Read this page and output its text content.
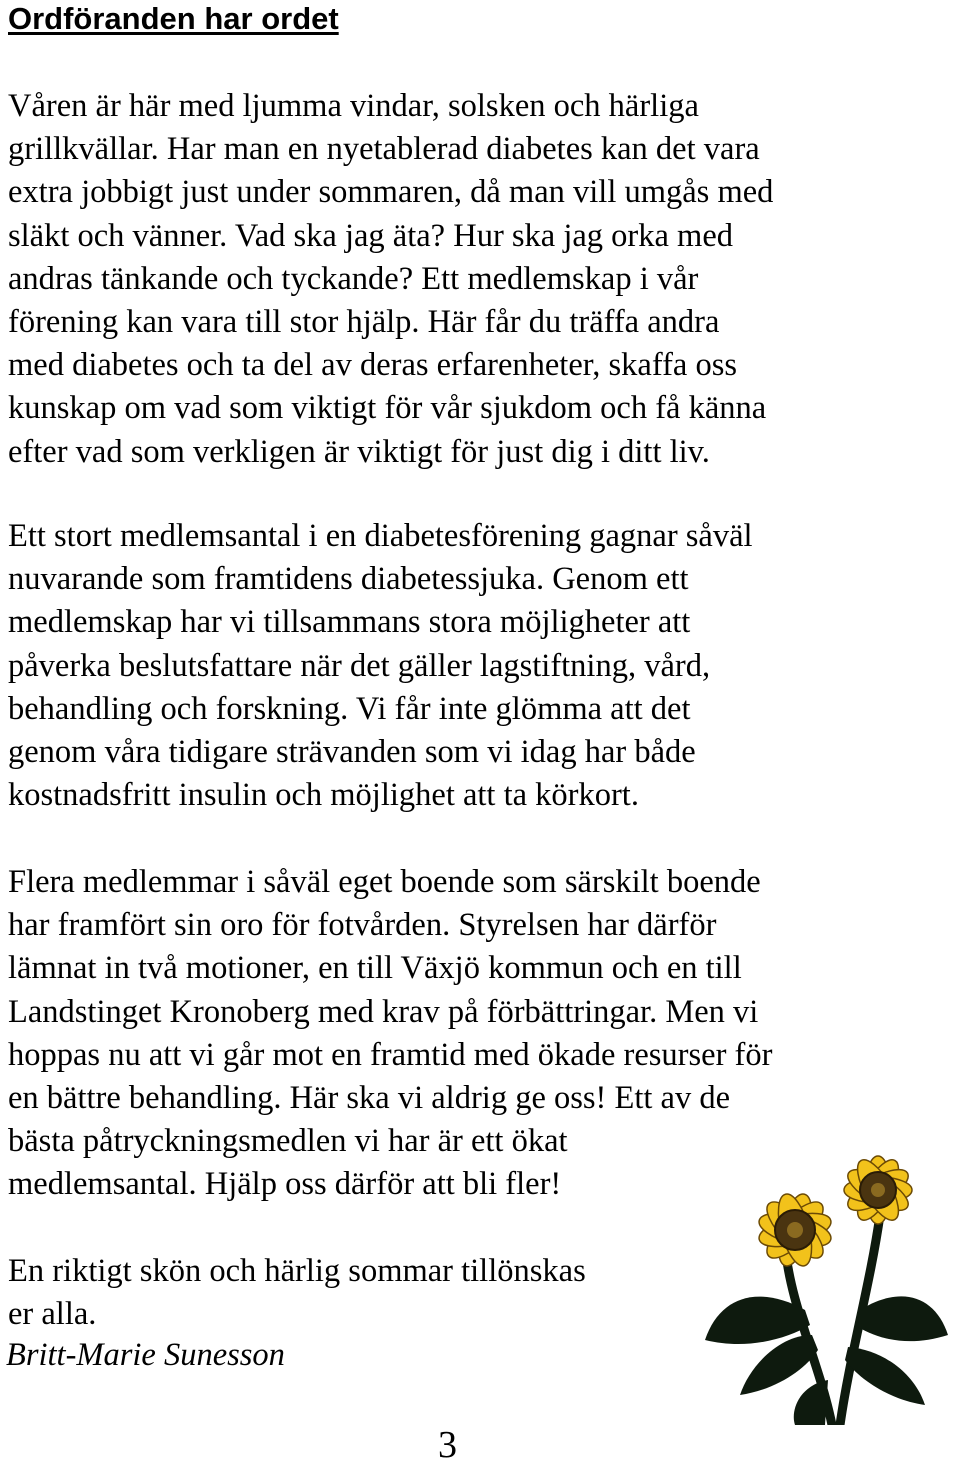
Ordföranden har ordet

Våren är här med ljumma vindar, solsken och härliga
grillkvällar. Har man en nyetablerad diabetes kan det vara
extra jobbigt just under sommaren, då man vill umgås med
släkt och vänner. Vad ska jag äta? Hur ska jag orka med
andras tänkande och tyckande? Ett medlemskap i vår
förening kan vara till stor hjälp. Här får du träffa andra
med diabetes och ta del av deras erfarenheter, skaffa oss
kunskap om vad som viktigt för vår sjukdom och få känna
efter vad som verkligen är viktigt för just dig i ditt liv.

Ett stort medlemsantal i en diabetesförening gagnar såväl
nuvarande som framtidens diabetessjuka. Genom ett
medlemskap har vi tillsammans stora möjligheter att
påverka beslutsfattare när det gäller lagstiftning, vård,
behandling och forskning. Vi får inte glömma att det
genom våra tidigare strävanden som vi idag har både
kostnadsfritt insulin och möjlighet att ta körkort.

Flera medlemmar i såväl eget boende som särskilt boende
har framfört sin oro för fotvården. Styrelsen har därför
lämnat in två motioner, en till Växjö kommun och en till
Landstinget Kronoberg med krav på förbättringar. Men vi
hoppas nu att vi går mot en framtid med ökade resurser för
en bättre behandling. Här ska vi aldrig ge oss! Ett av de
bästa påtryckningsmedlen vi har är ett ökat
medlemsantal. Hjälp oss därför att bli fler!

En riktigt skön och härlig sommar tillönskas
er alla.

Britt-Marie Sunesson

3
